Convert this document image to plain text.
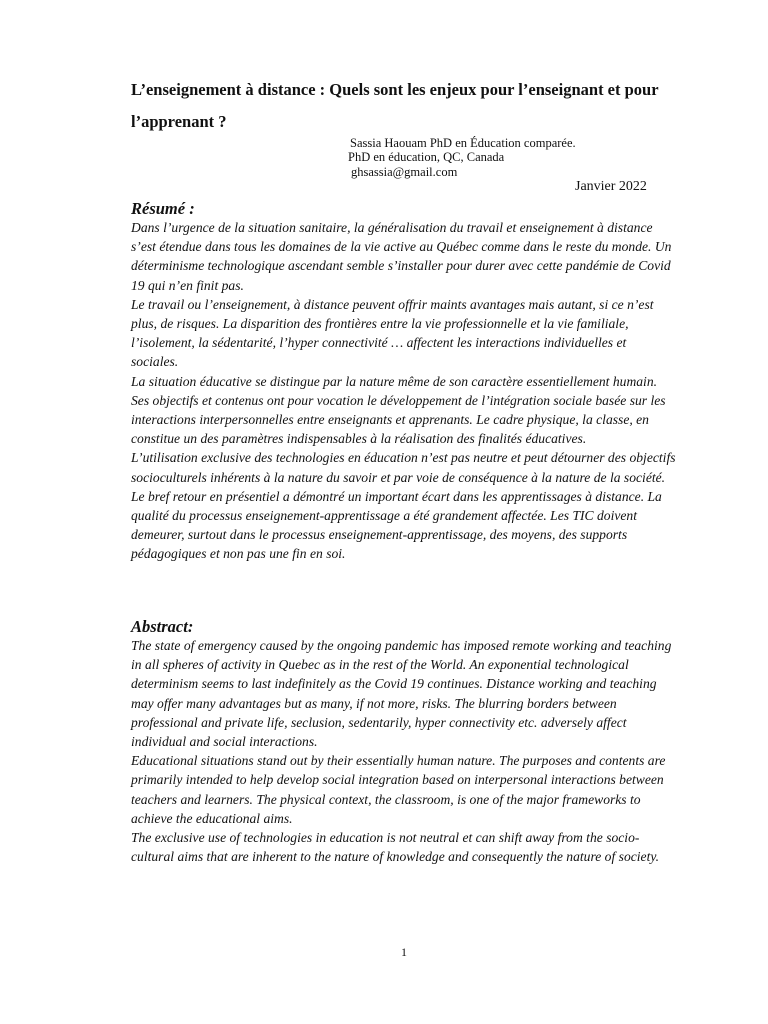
L’enseignement à distance : Quels sont les enjeux pour l’enseignant et pour l’apprenant ?
Sassia Haouam PhD en Éducation comparée.
PhD en éducation, QC, Canada
ghsassia@gmail.com
Janvier 2022
Résumé :

Dans l’urgence de la situation sanitaire, la généralisation du travail et enseignement à distance s’est étendue dans tous les domaines de la vie active au Québec comme dans le reste du monde. Un déterminisme technologique ascendant semble s’installer pour durer avec cette pandémie de Covid 19 qui n’en finit pas.

Le travail ou l’enseignement, à distance peuvent offrir maints avantages mais autant, si ce n’est plus, de risques. La disparition des frontières entre la vie professionnelle et la vie familiale, l’isolement, la sédentarité, l’hyper connectivité … affectent les interactions individuelles et sociales.

La situation éducative se distingue par la nature même de son caractère essentiellement humain. Ses objectifs et contenus ont pour vocation le développement de l’intégration sociale basée sur les interactions interpersonnelles entre enseignants et apprenants. Le cadre physique, la classe, en constitue un des paramètres indispensables à la réalisation des finalités éducatives.

L’utilisation exclusive des technologies en éducation n’est pas neutre et peut détourner des objectifs socioculturels inhérents à la nature du savoir et par voie de conséquence à la nature de la société.

Le bref retour en présentiel a démontré un important écart dans les apprentissages à distance. La qualité du processus enseignement-apprentissage a été grandement affectée. Les TIC doivent demeurer, surtout dans le processus enseignement-apprentissage, des moyens, des supports pédagogiques et non pas une fin en soi.

Abstract:

The state of emergency caused by the ongoing pandemic has imposed remote working and teaching in all spheres of activity in Quebec as in the rest of the World. An exponential technological determinism seems to last indefinitely as the Covid 19 continues. Distance working and teaching may offer many advantages but as many, if not more, risks. The blurring borders between professional and private life, seclusion, sedentarily, hyper connectivity etc. adversely affect individual and social interactions.

Educational situations stand out by their essentially human nature. The purposes and contents are primarily intended to help develop social integration based on interpersonal interactions between teachers and learners. The physical context, the classroom, is one of the major frameworks to achieve the educational aims.

The exclusive use of technologies in education is not neutral et can shift away from the socio-cultural aims that are inherent to the nature of knowledge and consequently the nature of society.

1
